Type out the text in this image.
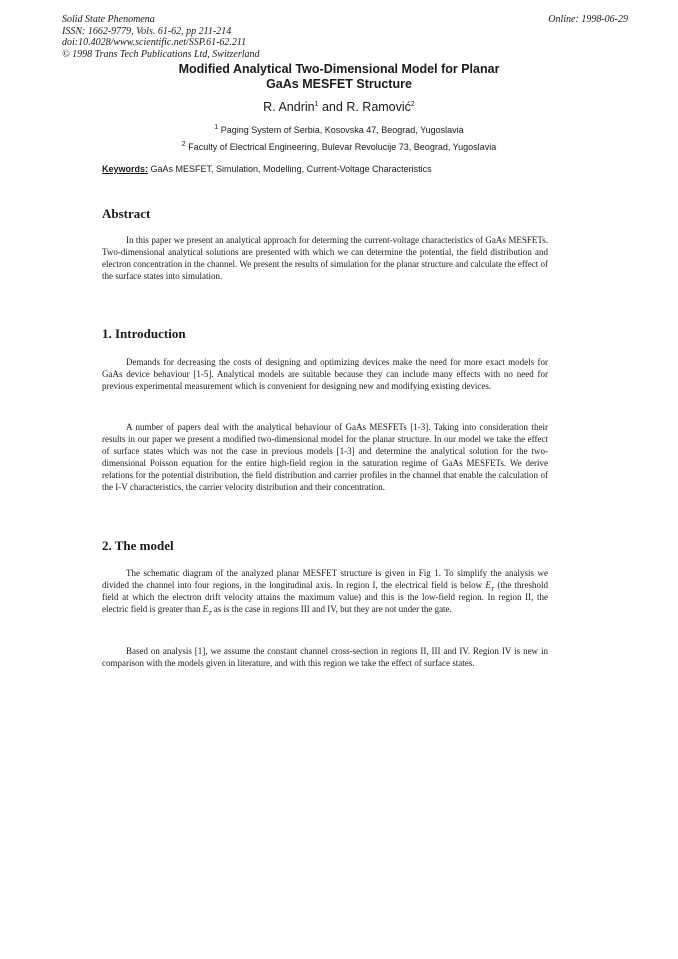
Solid State Phenomena
ISSN: 1662-9779, Vols. 61-62, pp 211-214
doi:10.4028/www.scientific.net/SSP.61-62.211
© 1998 Trans Tech Publications Ltd, Switzerland
Online: 1998-06-29
Modified Analytical Two-Dimensional Model for Planar
GaAs MESFET Structure
R. Andrin$^1$ and R. Ramović$^2$
$^1$ Paging System of Serbia, Kosovska 47, Beograd, Yugoslavia
$^2$ Faculty of Electrical Engineering, Bulevar Revolucije 73, Beograd, Yugoslavia
Keywords: GaAs MESFET, Simulation, Modelling, Current-Voltage Characteristics
Abstract

In this paper we present an analytical approach for determing the current-voltage characteristics of GaAs MESFETs. Two-dimensional analytical solutions are presented with which we can determine the potential, the field distribution and electron concentration in the channel. We present the results of simulation for the planar structure and calculate the effect of the surface states into simulation.

1. Introduction

Demands for decreasing the costs of designing and optimizing devices make the need for more exact models for GaAs device behaviour [1-5]. Analytical models are suitable because they can include many effects with no need for previous experimental measurement which is convenient for designing new and modifying existing devices.

A number of papers deal with the analytical behaviour of GaAs MESFETs [1-3]. Taking into consideration their results in our paper we present a modified two-dimensional model for the planar structure. In our model we take the effect of surface states which was not the case in previous models [1-3] and determine the analytical solution for the two-dimensional Poisson equation for the entire high-field region in the saturation regime of GaAs MESFETs. We derive relations for the potential distribution, the field distribution and carrier profiles in the channel that enable the calculation of the I-V characteristics, the carrier velocity distribution and their concentration.

2. The model

The schematic diagram of the analyzed planar MESFET structure is given in Fig 1. To simplify the analysis we divided the channel into four regions, in the longitudinal axis. In region I, the electrical field is below $E_T$ (the threshold field at which the electron drift velocity attains the maximum value) and this is the low-field region. In region II, the electric field is greater than $E_T$ as is the case in regions III and IV, but they are not under the gate.

Based on analysis [1], we assume the constant channel cross-section in regions II, III and IV. Region IV is new in comparison with the models given in literature, and with this region we take the effect of surface states.
